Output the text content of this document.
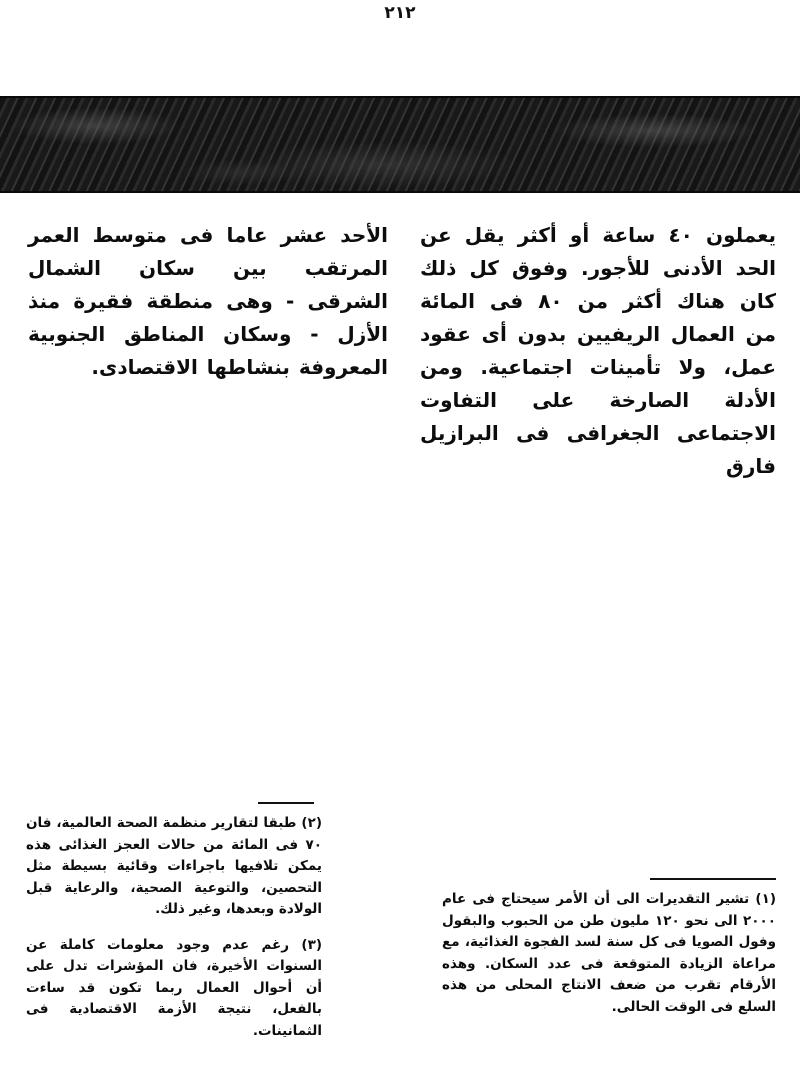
٢١٢

يعملون ٤٠ ساعة أو أكثر يقل عن الحد الأدنى للأجور. وفوق كل ذلك كان هناك أكثر من ٨٠ فى المائة من العمال الريفيين بدون أى عقود عمل، ولا تأمينات اجتماعية. ومن الأدلة الصارخة على التفاوت الاجتماعى الجغرافى فى البرازيل فارق

الأحد عشر عاما فى متوسط العمر المرتقب بين سكان الشمال الشرقى - وهى منطقة فقيرة منذ الأزل - وسكان المناطق الجنوبية المعروفة بنشاطها الاقتصادى.

(٢) طبقا لتقارير منظمة الصحة العالمية، فان ٧٠ فى المائة من حالات العجز الغذائى هذه يمكن تلافيها باجراءات وقائية بسيطة مثل التحصين، والتوعية الصحية، والرعاية قبل الولادة وبعدها، وغير ذلك.

(٣) رغم عدم وجود معلومات كاملة عن السنوات الأخيرة، فان المؤشرات تدل على أن أحوال العمال ربما تكون قد ساءت بالفعل، نتيجة الأزمة الاقتصادية فى الثمانينات.

(١) تشير التقديرات الى أن الأمر سيحتاج فى عام ٢٠٠٠ الى نحو ١٢٠ مليون طن من الحبوب والبقول وفول الصويا فى كل سنة لسد الفجوة الغذائية، مع مراعاة الزيادة المتوقعة فى عدد السكان. وهذه الأرقام تقرب من ضعف الانتاج المحلى من هذه السلع فى الوقت الحالى.
